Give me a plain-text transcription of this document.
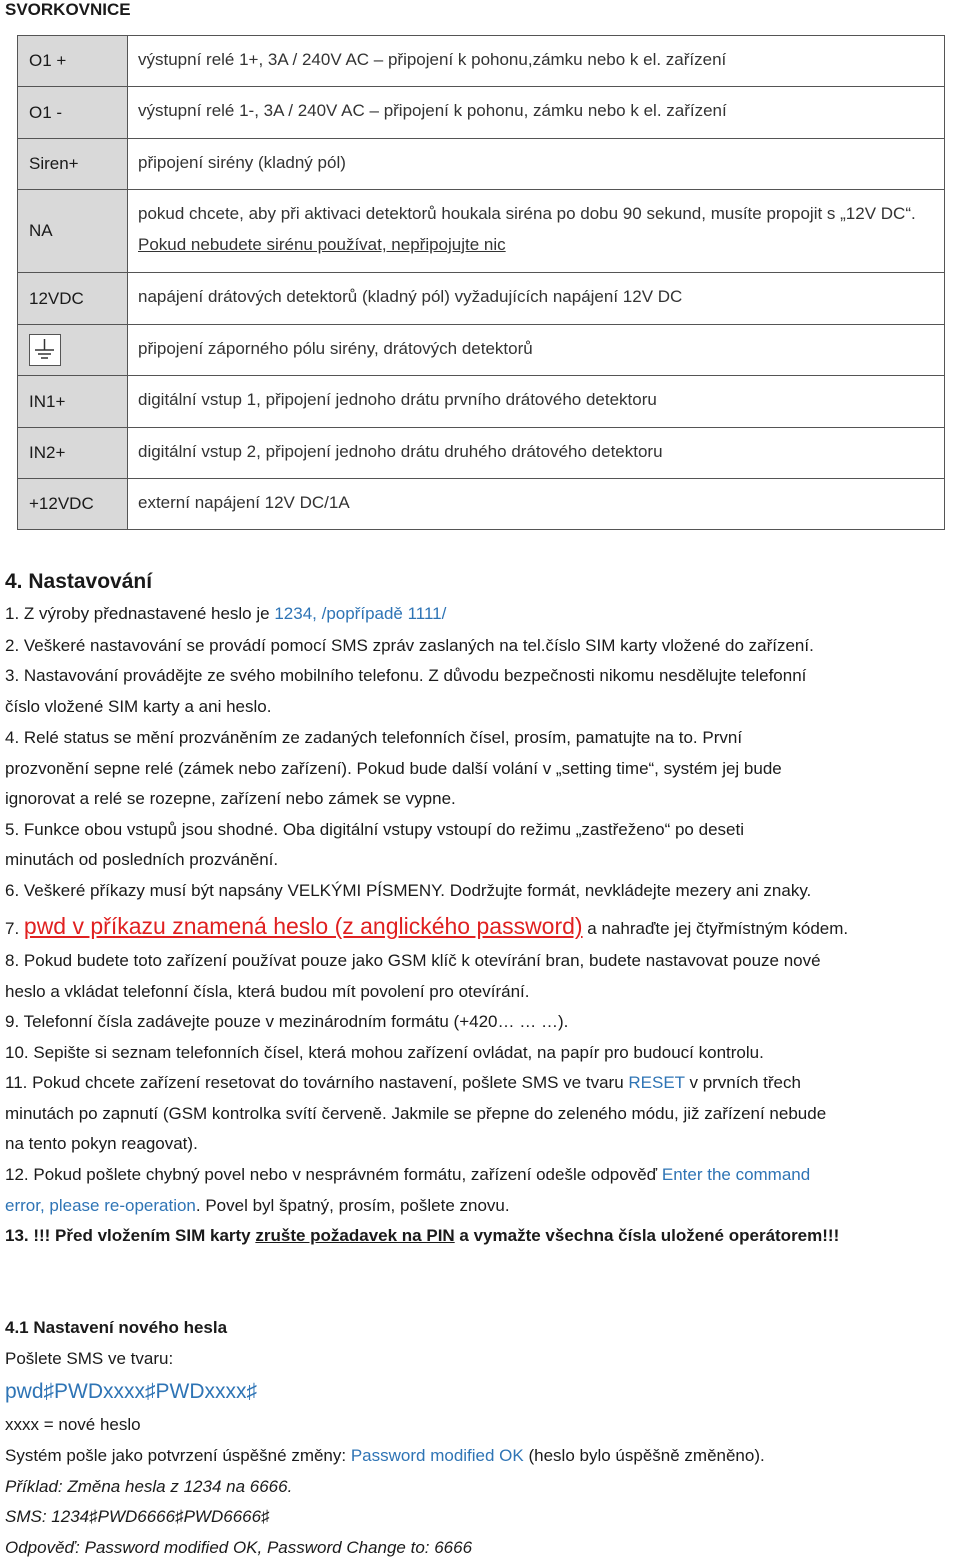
SVORKOVNICE
O1 +	výstupní relé 1+, 3A / 240V AC – připojení k pohonu,zámku nebo k el. zařízení
O1 -	výstupní relé 1-, 3A / 240V AC – připojení k pohonu, zámku nebo k el. zařízení
Siren+	připojení sirény (kladný pól)
NA	pokud chcete, aby při aktivaci detektorů houkala siréna po dobu 90 sekund, musíte propojit s „12V DC“. Pokud nebudete sirénu používat, nepřipojujte nic
12VDC	napájení drátových detektorů (kladný pól) vyžadujících napájení 12V DC
	připojení záporného pólu sirény, drátových detektorů
IN1+	digitální vstup 1, připojení jednoho drátu prvního drátového detektoru
IN2+	digitální vstup 2, připojení jednoho drátu druhého drátového detektoru
+12VDC	externí napájení 12V DC/1A
4. Nastavování
1. Z výroby přednastavené heslo je 1234, /popřípadě 1111/
2. Veškeré nastavování se provádí pomocí SMS zpráv zaslaných na tel.číslo SIM karty vložené do zařízení.
3. Nastavování provádějte ze svého mobilního telefonu. Z důvodu bezpečnosti nikomu nesdělujte telefonní
číslo vložené SIM karty a ani heslo.
4. Relé status se mění prozváněním ze zadaných telefonních čísel, prosím, pamatujte na to. První
prozvonění sepne relé (zámek nebo zařízení). Pokud bude další volání v „setting time“, systém jej bude
ignorovat a relé se rozepne, zařízení nebo zámek se vypne.
5. Funkce obou vstupů jsou shodné. Oba digitální vstupy vstoupí do režimu „zastřeženo“ po deseti
minutách od posledních prozvánění.
6. Veškeré příkazy musí být napsány VELKÝMI PÍSMENY. Dodržujte formát, nevkládejte mezery ani znaky.
7. pwd v příkazu znamená heslo (z anglického password) a nahraďte jej čtyřmístným kódem.
8. Pokud budete toto zařízení používat pouze jako GSM klíč k otevírání bran, budete nastavovat pouze nové
heslo a vkládat telefonní čísla, která budou mít povolení pro otevírání.
9. Telefonní čísla zadávejte pouze v mezinárodním formátu (+420… … …).
10. Sepište si seznam telefonních čísel, která mohou zařízení ovládat, na papír pro budoucí kontrolu.
11. Pokud chcete zařízení resetovat do továrního nastavení, pošlete SMS ve tvaru RESET v prvních třech
minutách po zapnutí (GSM kontrolka svítí červeně. Jakmile se přepne do zeleného módu, již zařízení nebude
na tento pokyn reagovat).
12. Pokud pošlete chybný povel nebo v nesprávném formátu, zařízení odešle odpověď Enter the command
error, please re-operation. Povel byl špatný, prosím, pošlete znovu.
13. !!! Před vložením SIM karty zrušte požadavek na PIN a vymažte všechna čísla uložené operátorem!!!
4.1 Nastavení nového hesla
Pošlete SMS ve tvaru:
pwd♯PWDxxxx♯PWDxxxx♯
xxxx = nové heslo
Systém pošle jako potvrzení úspěšné změny: Password modified OK (heslo bylo úspěšně změněno).
Příklad: Změna hesla z 1234 na 6666.
SMS: 1234♯PWD6666♯PWD6666♯
Odpověď: Password modified OK, Password Change to: 6666
